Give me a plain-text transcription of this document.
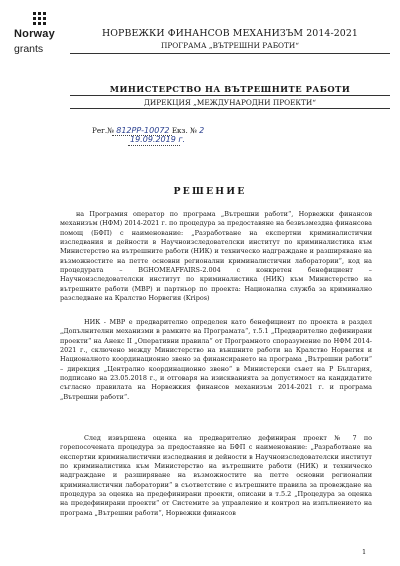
Norway
grants
НОРВЕЖКИ ФИНАНСОВ МЕХАНИЗЪМ 2014-2021
ПРОГРАМА „ВЪТРЕШНИ РАБОТИ“
МИНИСТЕРСТВО НА ВЪТРЕШНИТЕ РАБОТИ
ДИРЕКЦИЯ „МЕЖДУНАРОДНИ ПРОЕКТИ“
Рег.№ 812РР-10072 Екз. № 2
19.09.2019 г.
РЕШЕНИЕ

на Програмия оператор по програма „Вътрешни работи“, Норвежки финансов механизъм (НФМ) 2014-2021 г. по процедура за предоставяне на безвъзмездна финансова помощ (БФП) с наименование: „Разработване на експертни криминалистични изследвания и дейности в Научноизследователски институт по криминалистика към Министерство на вътрешните работи (НИК) и техническо надграждане и разширяване на възможностите на петте основни регионални криминалистични лаборатории“, код на процедурата – BGHOMEAFFAIRS-2.004 с конкретен бенефициент – Научноизследователски институт по криминалистика (НИК) към Министерство на вътрешните работи (МВР) и партньор по проекта: Национална служба за криминално разследване на Кралство Норвегия (Kripos)

НИК - МВР е предварително определен като бенефициент по проекта в раздел „Допълнителни механизми в рамките на Програмата“, т.5.1 „Предварително дефинирани проекти“ на Анекс II „Оперативни правила“ от Програмното споразумение по НФМ 2014-2021 г., сключено между Министерство на външните работи на Кралство Норвегия и Националното координационно звено за финансирането на програма „Вътрешни работи“ – дирекция „Централно координационно звено“ в Министерски съвет на Р България, подписано на 23.05.2018 г., и отговаря на изискванията за допустимост на кандидатите съгласно правилата на Норвежкия финансов механизъм 2014-2021 г. и програма „Вътрешни работи“.

След извършена оценка на предварително дефиниран проект № 7 по горепосочената процедура за предоставяне на БФП с наименование: „Разработване на експертни криминалистични изследвания и дейности в Научноизследователски институт по криминалистика към Министерство на вътрешните работи (НИК) и техническо надграждане и разширяване на възможностите на петте основни регионални криминалистични лаборатории“ в съответствие с вътрешните правила за провеждане на процедура за оценка на предефинирани проекти, описани в т.5.2 „Процедура за оценка на предефинирани проекти“ от Системите за управление и контрол на изпълнението на програма „Вътрешни работи“, Норвежки финансов

1
